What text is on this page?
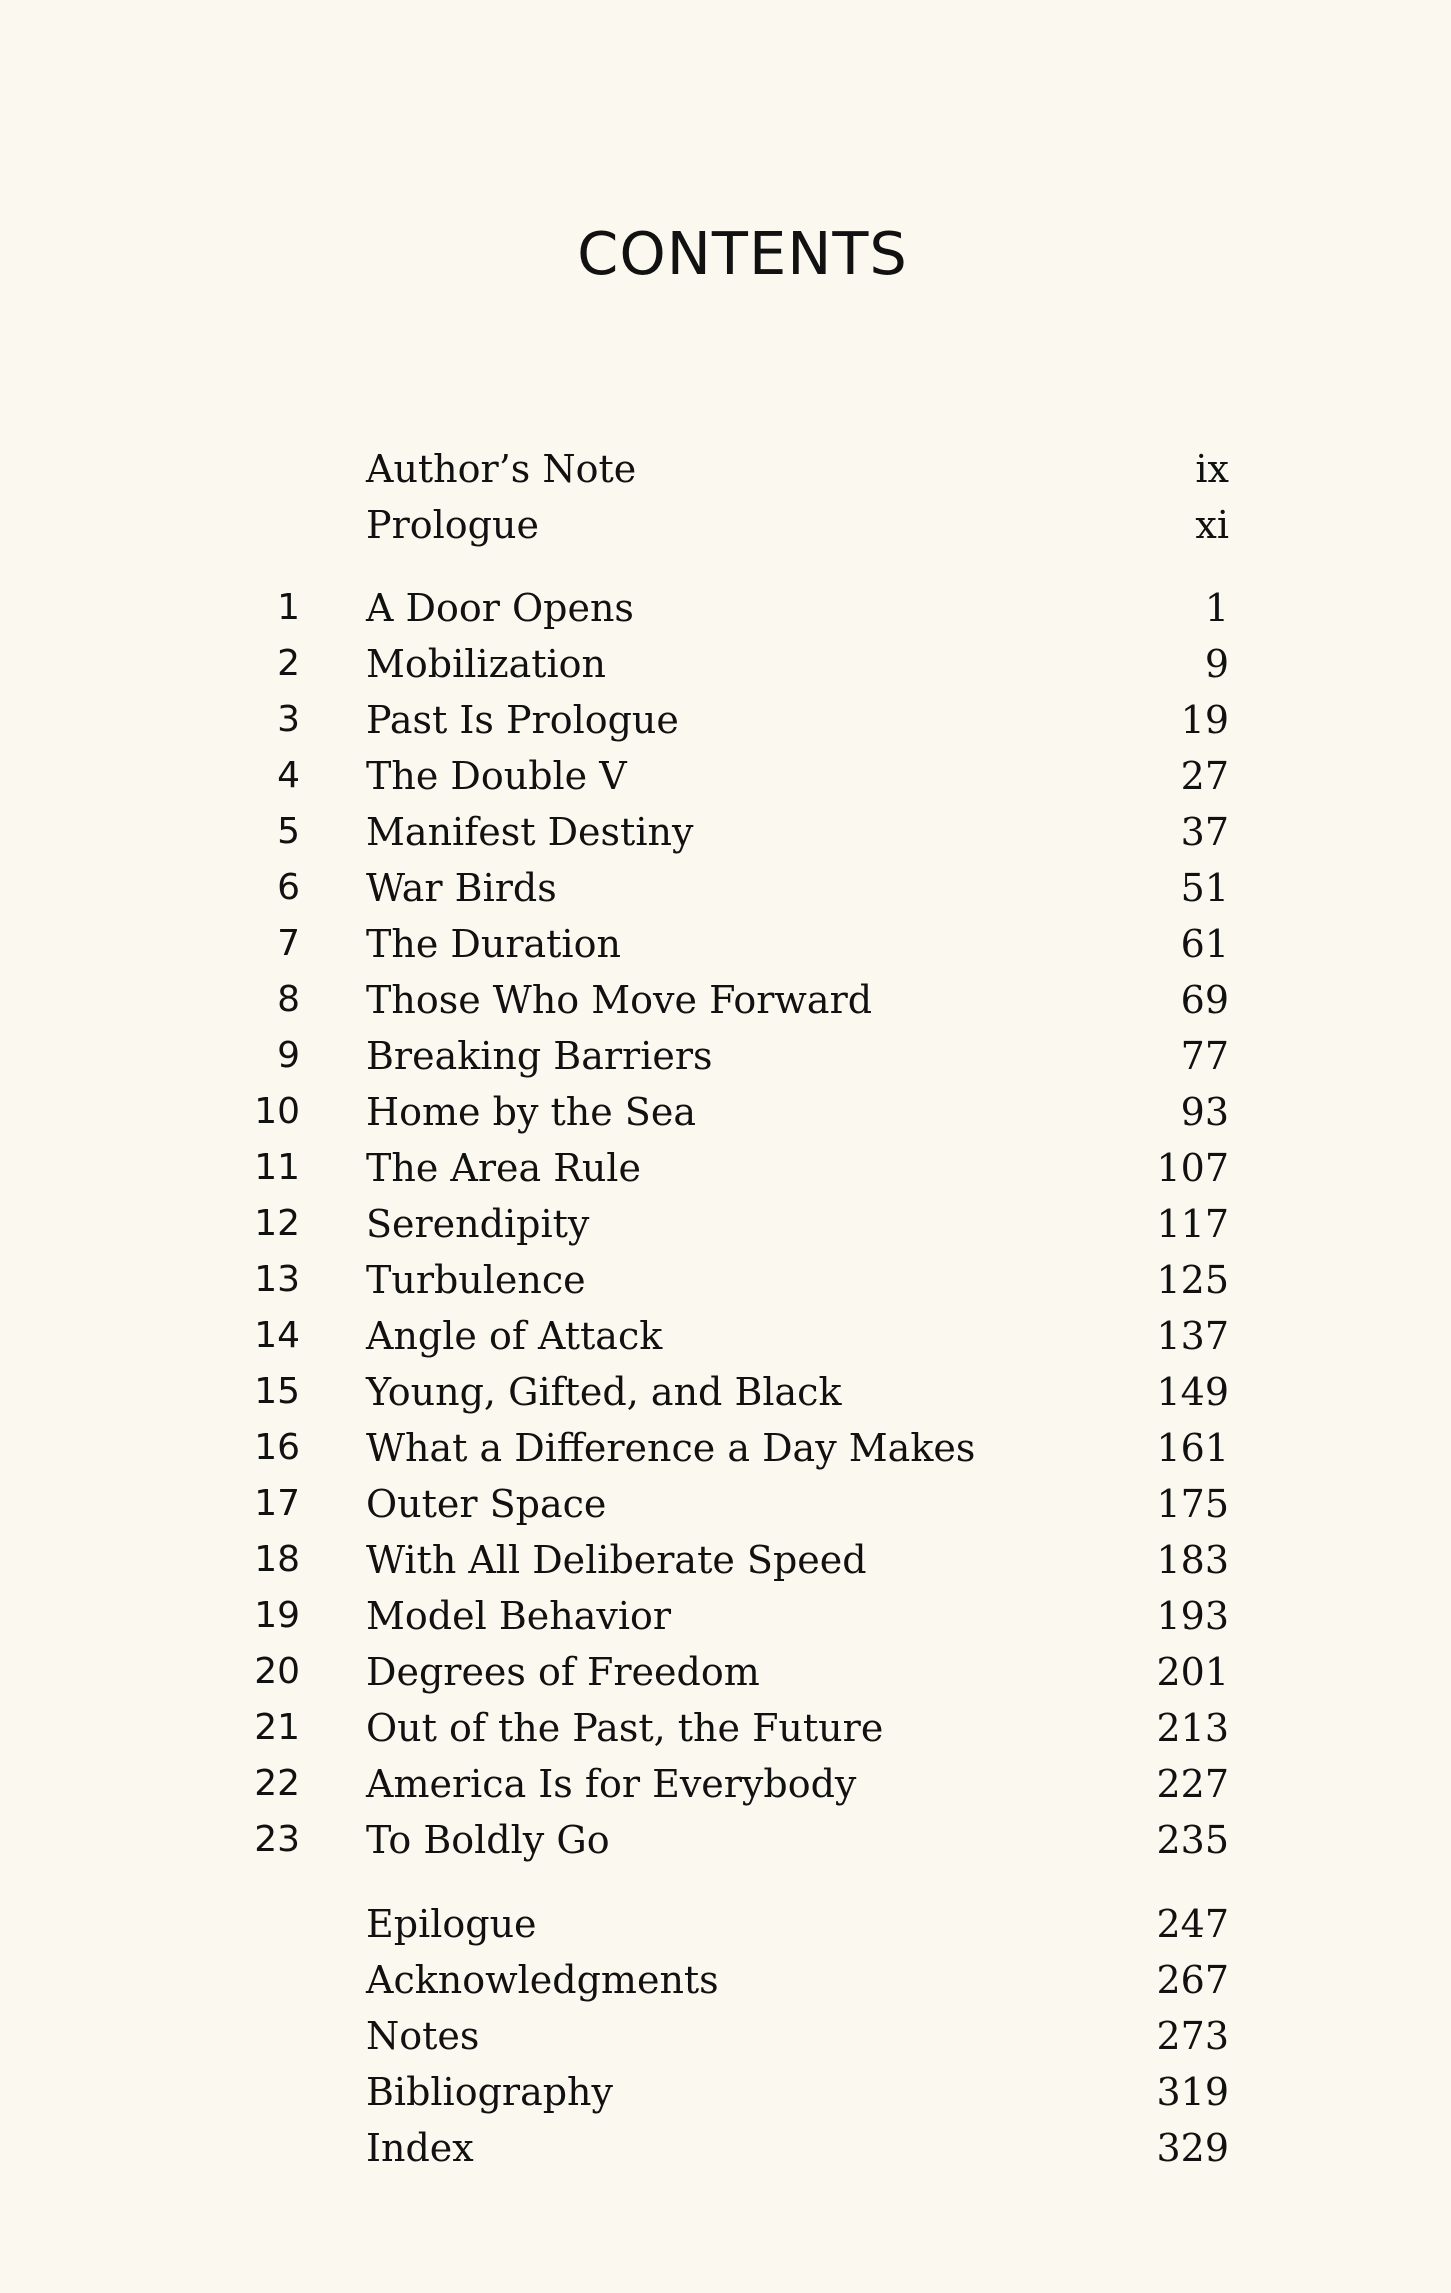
CONTENTS
Author’s Note	ix
Prologue	xi
1 A Door Opens	1
2 Mobilization	9
3 Past Is Prologue	19
4 The Double V	27
5 Manifest Destiny	37
6 War Birds	51
7 The Duration	61
8 Those Who Move Forward	69
9 Breaking Barriers	77
10 Home by the Sea	93
11 The Area Rule	107
12 Serendipity	117
13 Turbulence	125
14 Angle of Attack	137
15 Young, Gifted, and Black	149
16 What a Difference a Day Makes	161
17 Outer Space	175
18 With All Deliberate Speed	183
19 Model Behavior	193
20 Degrees of Freedom	201
21 Out of the Past, the Future	213
22 America Is for Everybody	227
23 To Boldly Go	235
Epilogue	247
Acknowledgments	267
Notes	273
Bibliography	319
Index	329
